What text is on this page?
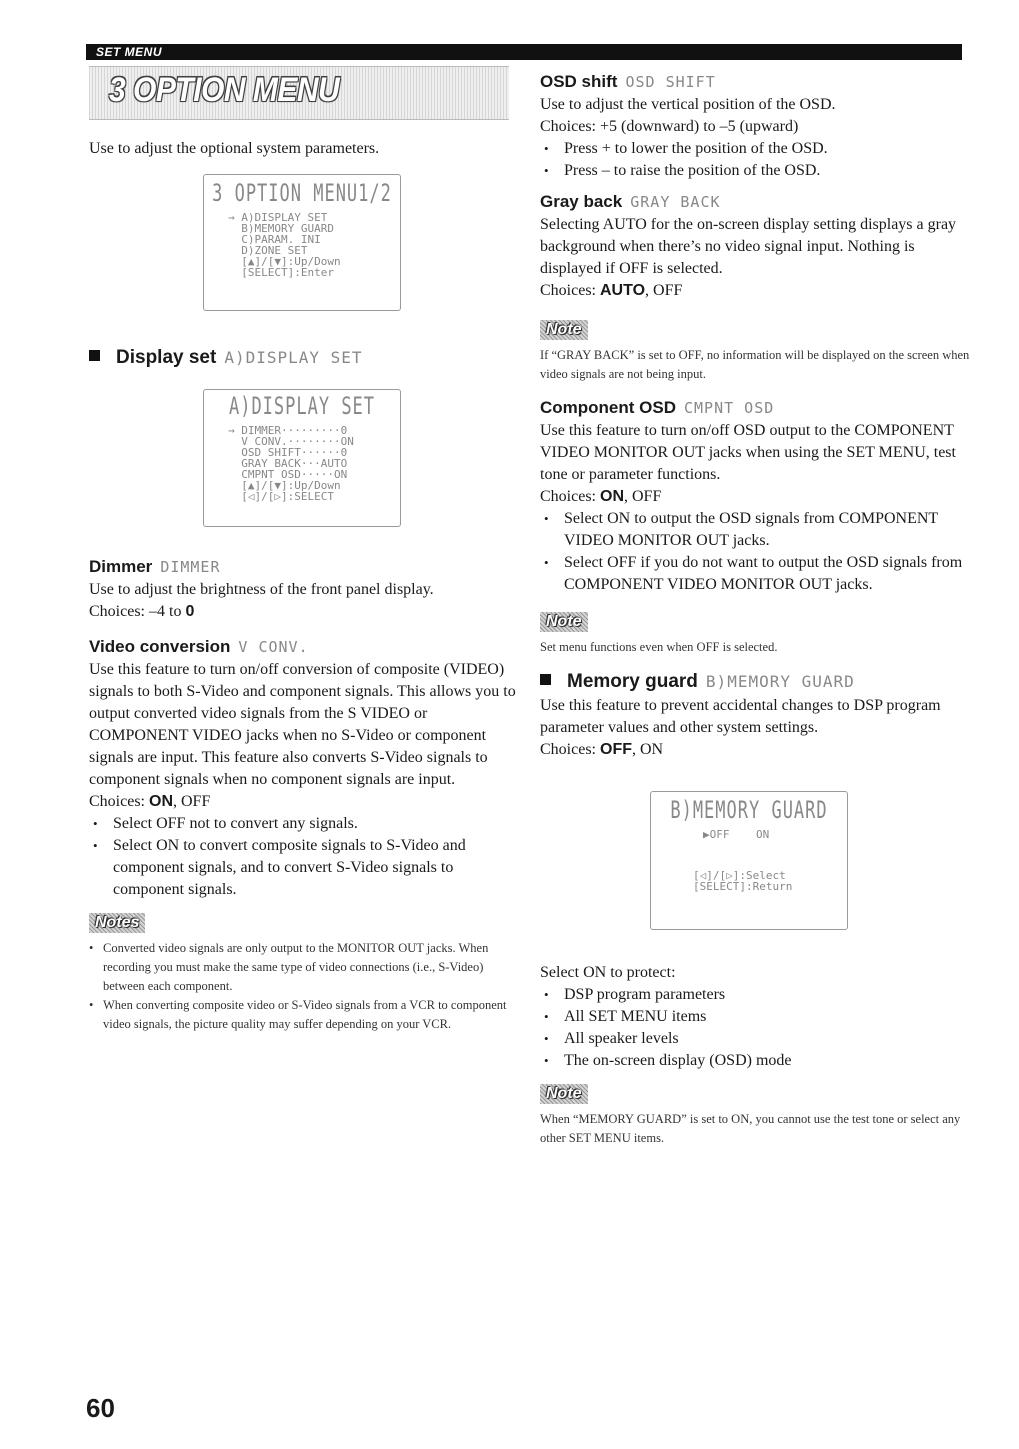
SET MENU
3 OPTION MENU

Use to adjust the optional system parameters.

3 OPTION MENU1/2
→ A)DISPLAY SET
B)MEMORY GUARD
C)PARAM. INI
D)ZONE SET
[▲]/[▼]:Up/Down
[SELECT]:Enter
Display set A)DISPLAY SET
A)DISPLAY SET
→ DIMMER·········0
V CONV.········ON
OSD SHIFT······0
GRAY BACK···AUTO
CMPNT OSD·····ON
[▲]/[▼]:Up/Down
[◁]/[▷]:SELECT
Dimmer DIMMER

Use to adjust the brightness of the front panel display.

Choices: –4 to 0

Video conversion V CONV.

Use this feature to turn on/off conversion of composite (VIDEO) signals to both S-Video and component signals. This allows you to output converted video signals from the S VIDEO or COMPONENT VIDEO jacks when no S-Video or component signals are input. This feature also converts S-Video signals to component signals when no component signals are input.

Choices: ON, OFF

• Select OFF not to convert any signals.
• Select ON to convert composite signals to S-Video and component signals, and to convert S-Video signals to component signals.
Notes
• Converted video signals are only output to the MONITOR OUT jacks. When recording you must make the same type of video connections (i.e., S-Video) between each component.
• When converting composite video or S-Video signals from a VCR to component video signals, the picture quality may suffer depending on your VCR.
OSD shift OSD SHIFT

Use to adjust the vertical position of the OSD.

Choices: +5 (downward) to –5 (upward)

• Press + to lower the position of the OSD.
• Press – to raise the position of the OSD.
Gray back GRAY BACK

Selecting AUTO for the on-screen display setting displays a gray background when there’s no video signal input. Nothing is displayed if OFF is selected.

Choices: AUTO, OFF

Note
If “GRAY BACK” is set to OFF, no information will be displayed on the screen when video signals are not being input.
Component OSD CMPNT OSD

Use this feature to turn on/off OSD output to the COMPONENT VIDEO MONITOR OUT jacks when using the SET MENU, test tone or parameter functions.

Choices: ON, OFF

• Select ON to output the OSD signals from COMPONENT VIDEO MONITOR OUT jacks.
• Select OFF if you do not want to output the OSD signals from COMPONENT VIDEO MONITOR OUT jacks.
Note
Set menu functions even when OFF is selected.
Memory guard B)MEMORY GUARD

Use this feature to prevent accidental changes to DSP program parameter values and other system settings.

Choices: OFF, ON

B)MEMORY GUARD
▶OFF    ON
[◁]/[▷]:Select
[SELECT]:Return

Select ON to protect:

• DSP program parameters
• All SET MENU items
• All speaker levels
• The on-screen display (OSD) mode
Note
When “MEMORY GUARD” is set to ON, you cannot use the test tone or select any other SET MENU items.
60
